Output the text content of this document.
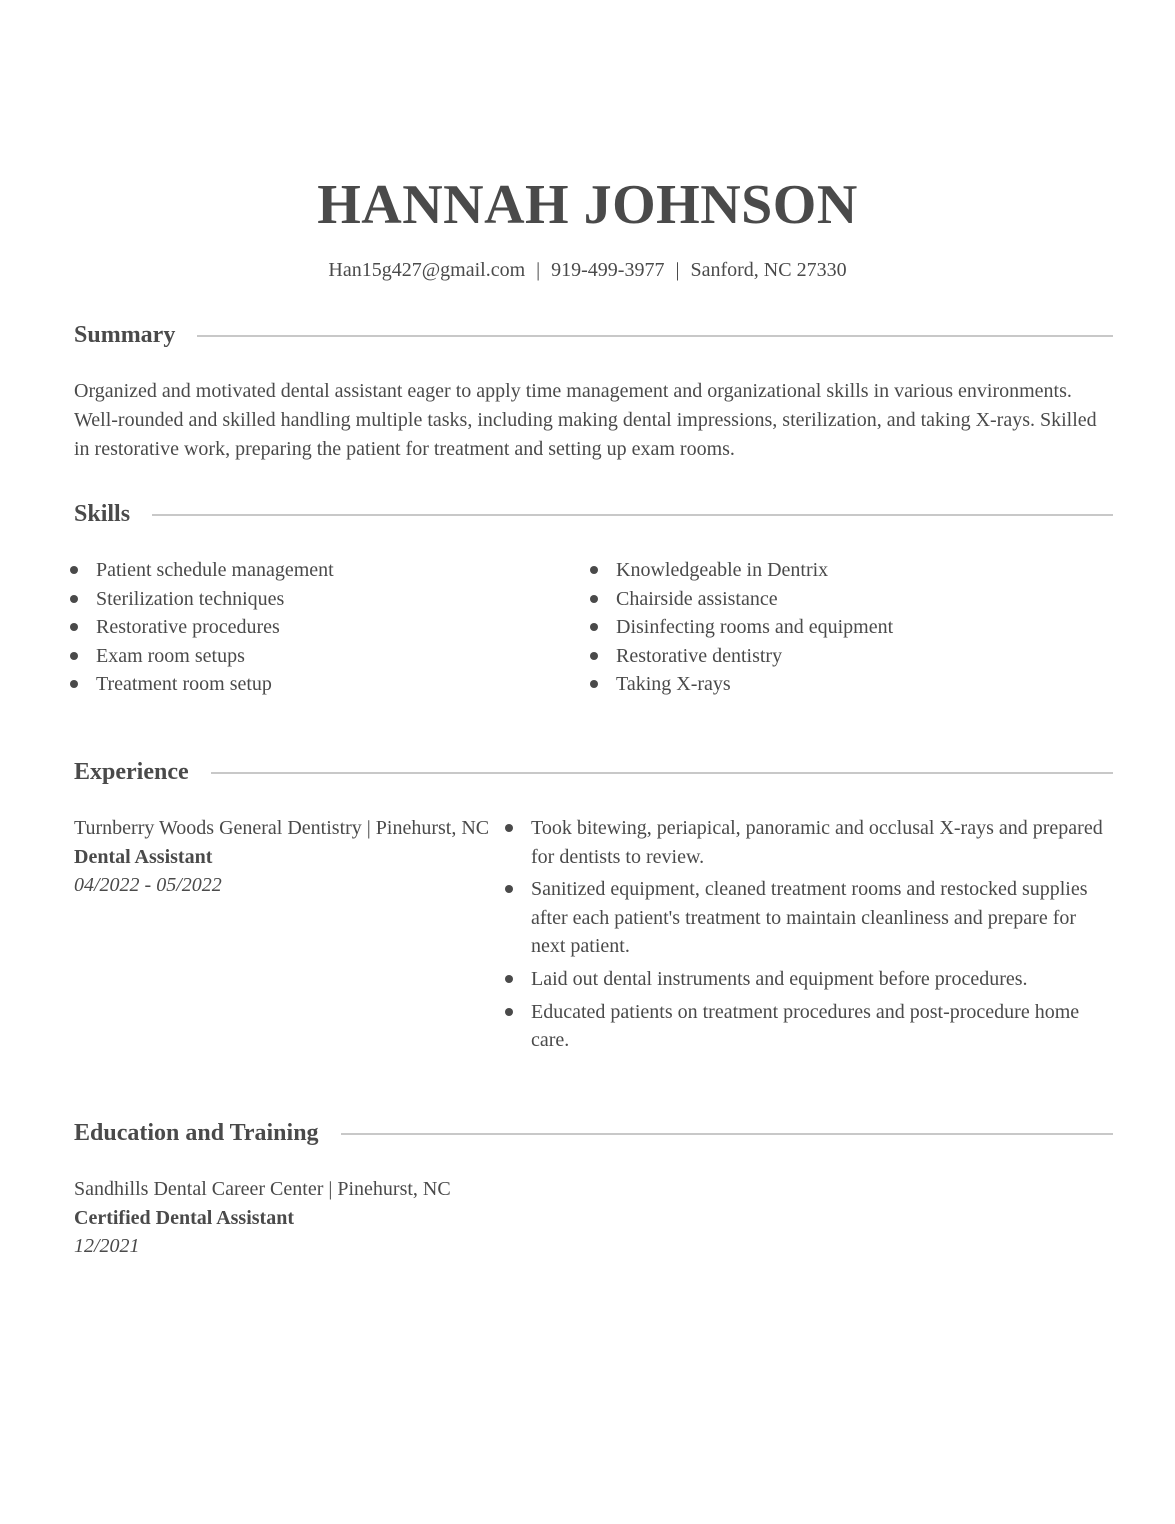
HANNAH JOHNSON
Han15g427@gmail.com | 919-499-3977 | Sanford, NC 27330
Summary

Organized and motivated dental assistant eager to apply time management and organizational skills in various environments. Well-rounded and skilled handling multiple tasks, including making dental impressions, sterilization, and taking X-rays. Skilled in restorative work, preparing the patient for treatment and setting up exam rooms.

Skills
Patient schedule management
Sterilization techniques
Restorative procedures
Exam room setups
Treatment room setup
Knowledgeable in Dentrix
Chairside assistance
Disinfecting rooms and equipment
Restorative dentistry
Taking X-rays
Experience
Turnberry Woods General Dentistry | Pinehurst, NC
Dental Assistant
04/2022 - 05/2022
Took bitewing, periapical, panoramic and occlusal X-rays and prepared for dentists to review.
Sanitized equipment, cleaned treatment rooms and restocked supplies after each patient's treatment to maintain cleanliness and prepare for next patient.
Laid out dental instruments and equipment before procedures.
Educated patients on treatment procedures and post-procedure home care.
Education and Training
Sandhills Dental Career Center | Pinehurst, NC
Certified Dental Assistant
12/2021
